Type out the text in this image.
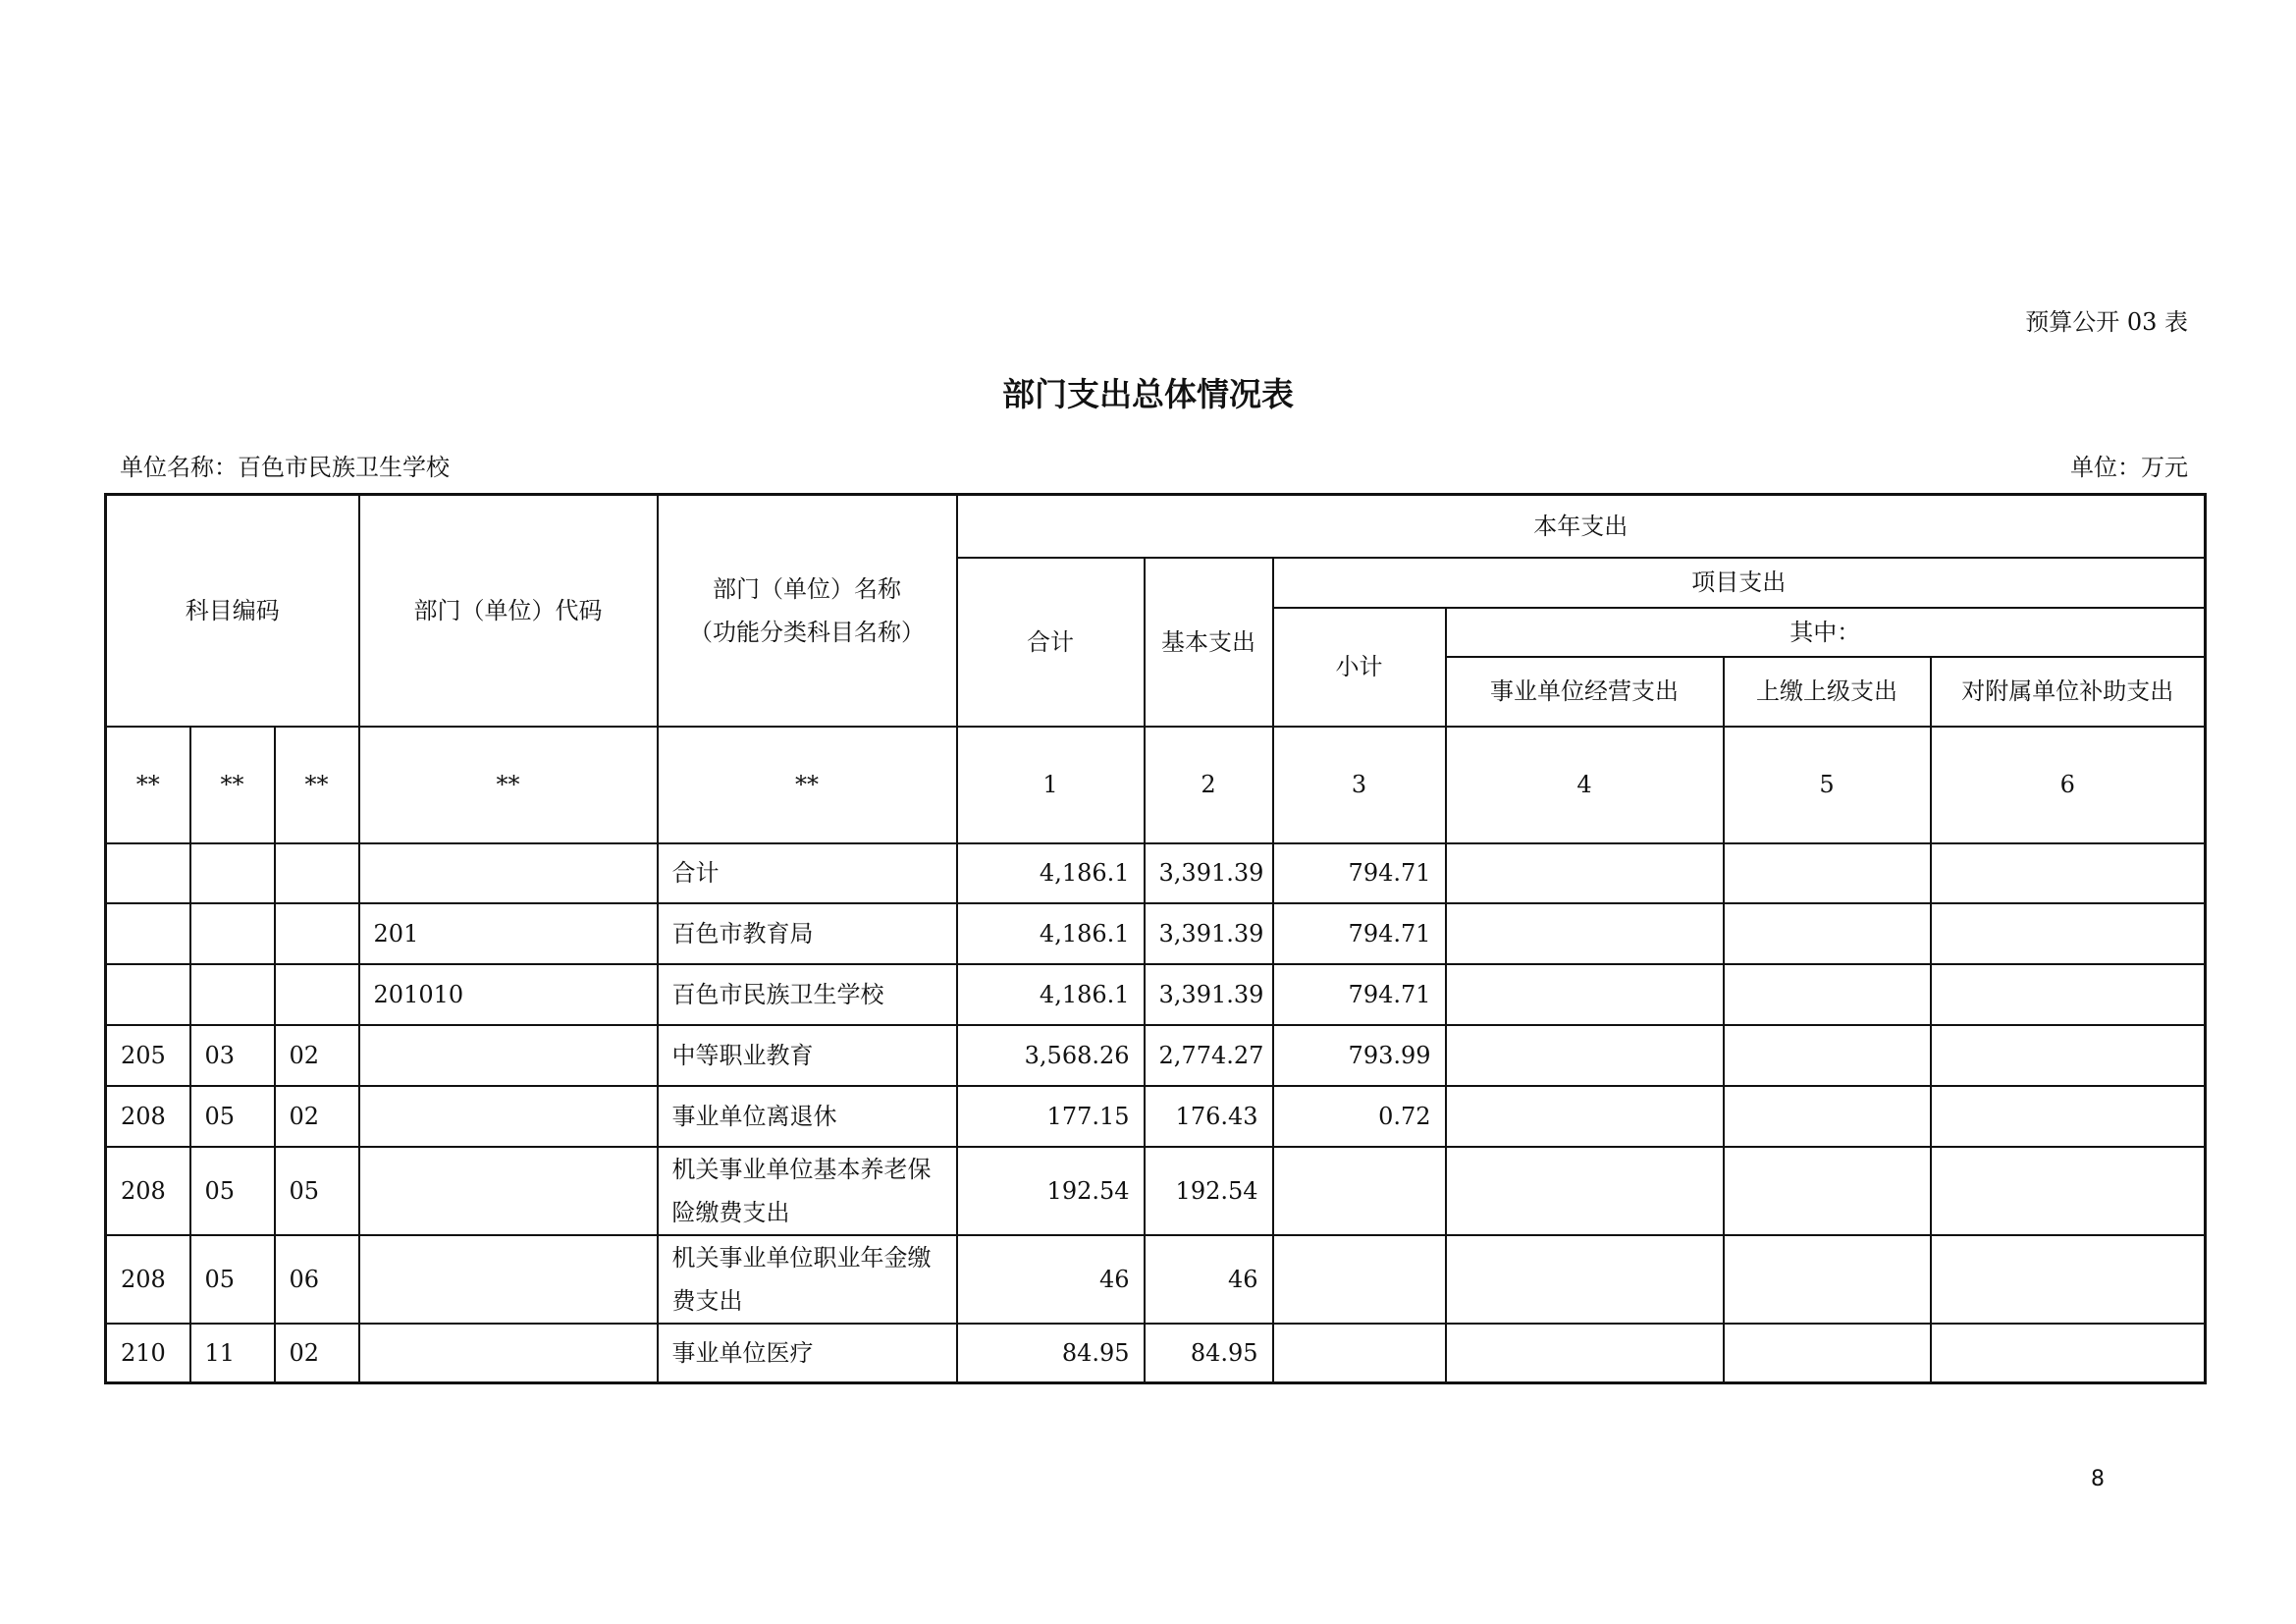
预算公开 03 表
部门支出总体情况表
单位名称：百色市民族卫生学校	单位：万元
科目编码			部门（单位）代码	部门（单位）名称
（功能分类科目名称）	本年支出					
					合计	基本支出	项目支出			
							小计	其中：		
								事业单位经营支出	上缴上级支出	对附属单位补助支出
**	**	**	**	**	1	2	3	4	5	6
				合计	4,186.1	3,391.39	794.71			
			201	百色市教育局	4,186.1	3,391.39	794.71			
			201010	百色市民族卫生学校	4,186.1	3,391.39	794.71			
205	03	02		中等职业教育	3,568.26	2,774.27	793.99			
208	05	02		事业单位离退休	177.15	176.43	0.72			
208	05	05		机关事业单位基本养老保险缴费支出	192.54	192.54				
208	05	06		机关事业单位职业年金缴费支出	46	46				
210	11	02		事业单位医疗	84.95	84.95				
8
